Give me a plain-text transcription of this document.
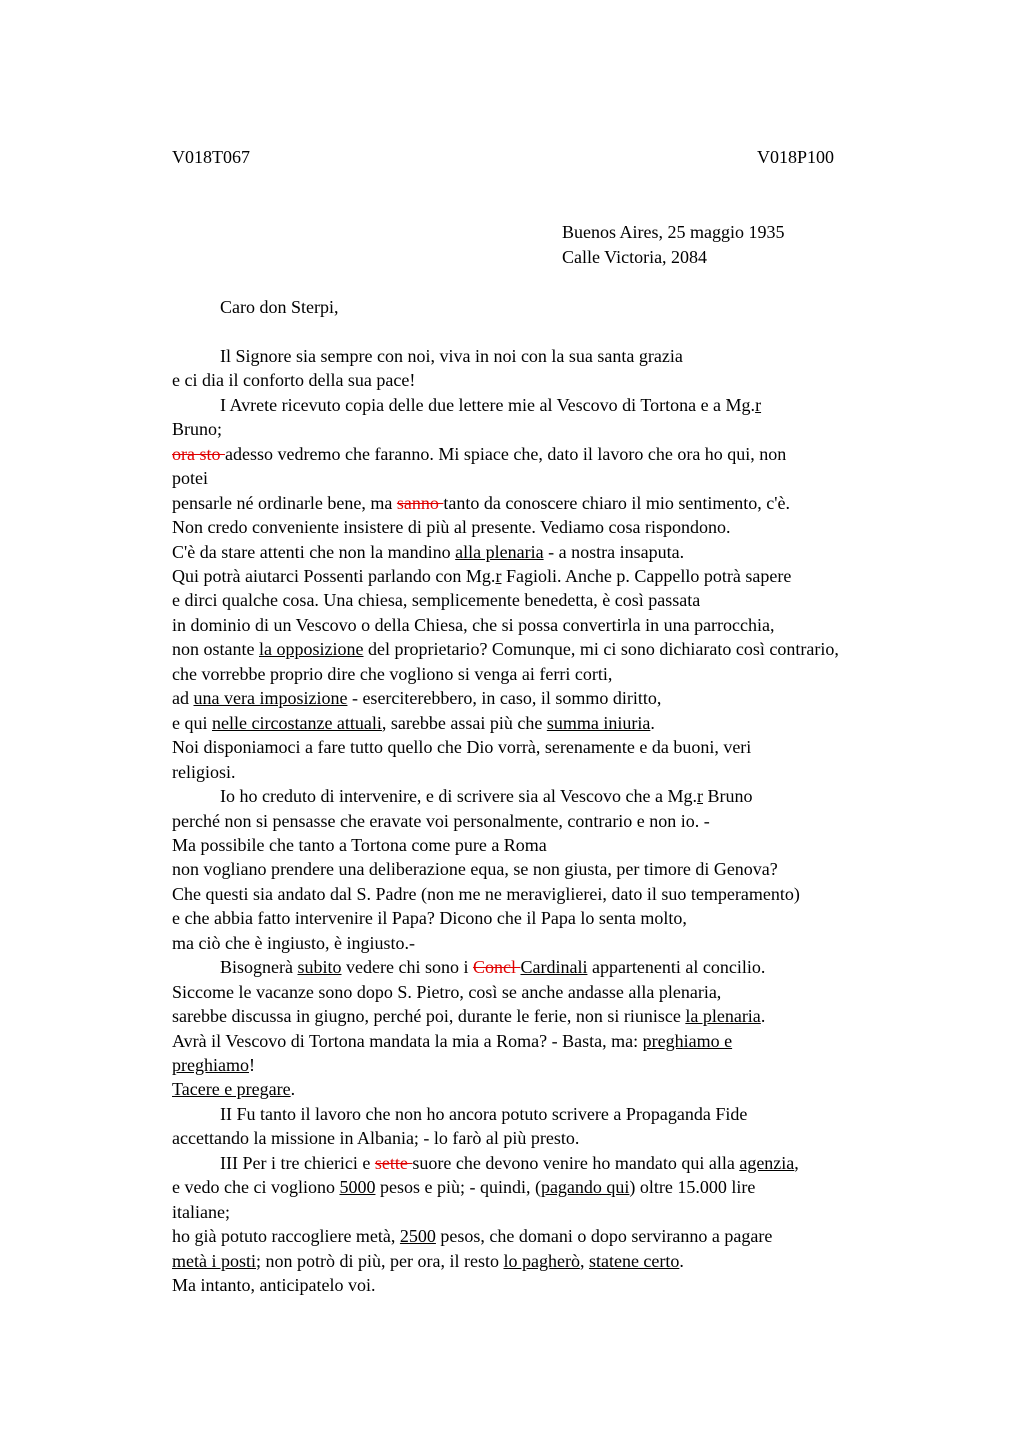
V018T067	V018P100
Buenos Aires, 25 maggio 1935
Calle Victoria, 2084
Caro don Sterpi,
Il Signore sia sempre con noi, viva in noi con la sua santa grazia
e ci dia il conforto della sua pace!
I Avrete ricevuto copia delle due lettere mie al Vescovo di Tortona e a Mg.r
Bruno;
ora sto adesso vedremo che faranno. Mi spiace che, dato il lavoro che ora ho qui, non
potei
pensarle né ordinarle bene, ma sanno tanto da conoscere chiaro il mio sentimento, c'è.
Non credo conveniente insistere di più al presente. Vediamo cosa rispondono.
C'è da stare attenti che non la mandino alla plenaria - a nostra insaputa.
Qui potrà aiutarci Possenti parlando con Mg.r Fagioli. Anche p. Cappello potrà sapere
e dirci qualche cosa. Una chiesa, semplicemente benedetta, è così passata
in dominio di un Vescovo o della Chiesa, che si possa convertirla in una parrocchia,
non ostante la opposizione del proprietario? Comunque, mi ci sono dichiarato così contrario,
che vorrebbe proprio dire che vogliono si venga ai ferri corti,
ad una vera imposizione - eserciterebbero, in caso, il sommo diritto,
e qui nelle circostanze attuali, sarebbe assai più che summa iniuria.
Noi disponiamoci a fare tutto quello che Dio vorrà, serenamente e da buoni, veri
religiosi.
Io ho creduto di intervenire, e di scrivere sia al Vescovo che a Mg.r Bruno
perché non si pensasse che eravate voi personalmente, contrario e non io. -
Ma possibile che tanto a Tortona come pure a Roma
non vogliano prendere una deliberazione equa, se non giusta, per timore di Genova?
Che questi sia andato dal S. Padre (non me ne meraviglierei, dato il suo temperamento)
e che abbia fatto intervenire il Papa? Dicono che il Papa lo senta molto,
ma ciò che è ingiusto, è ingiusto.-
Bisognerà subito vedere chi sono i Concl Cardinali appartenenti al concilio.
Siccome le vacanze sono dopo S. Pietro, così se anche andasse alla plenaria,
sarebbe discussa in giugno, perché poi, durante le ferie, non si riunisce la plenaria.
Avrà il Vescovo di Tortona mandata la mia a Roma? - Basta, ma: preghiamo e
preghiamo!
Tacere e pregare.
II Fu tanto il lavoro che non ho ancora potuto scrivere a Propaganda Fide
accettando la missione in Albania; - lo farò al più presto.
III Per i tre chierici e sette suore che devono venire ho mandato qui alla agenzia,
e vedo che ci vogliono 5000 pesos e più; - quindi, (pagando qui) oltre 15.000 lire
italiane;
ho già potuto raccogliere metà, 2500 pesos, che domani o dopo serviranno a pagare
metà i posti; non potrò di più, per ora, il resto lo pagherò, statene certo.
Ma intanto, anticipatelo voi.
